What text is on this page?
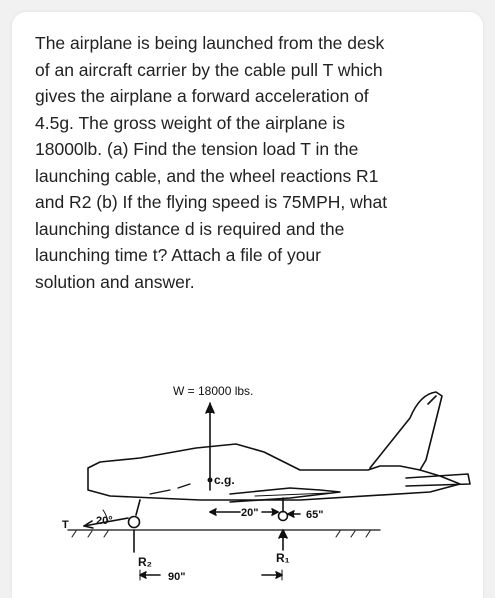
The airplane is being launched from the desk
of an aircraft carrier by the cable pull T which
gives the airplane a forward acceleration of
4.5g. The gross weight of the airplane is
18000lb. (a) Find the tension load T in the
launching cable, and the wheel reactions R1
and R2 (b) If the flying speed is 75MPH, what
launching distance d is required and the
launching time t? Attach a file of your
solution and answer.

W = 18000 lbs.
c.g.
T 20°
20"	65"
R₂	R₁
90"
